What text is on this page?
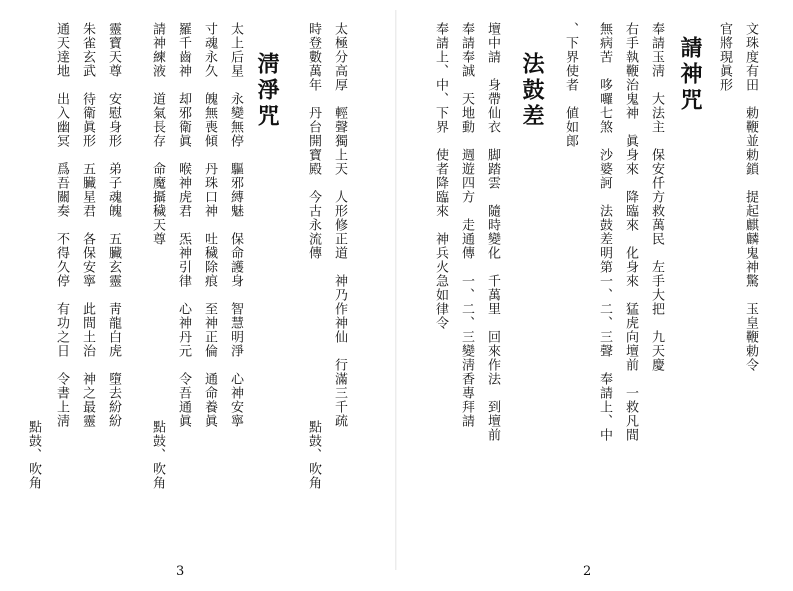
文珠度有田　勅鞭並勅鎖　提起麒麟鬼神驚　玉皇鞭勅令
官將現眞形
請神咒
奉請玉淸　大法主　保安仟方救萬民　左手大把　九天慶
右手執鞭治鬼神　眞身來　降臨來　化身來　猛虎向壇前　一救凡間
無病苦　哆囉七煞　沙婆訶　法鼓差明第一、二、三聲　奉請上、中
、下界使者　値如郎
法鼓差
壇中請　身帶仙衣　脚踏雲　隨時變化　千萬里　回來作法　到壇前
奉請奉誠　天地動　週遊四方　走通傳　一、二、三變淸香專拜請
奉請上、中、下界　使者降臨來　神兵火急如律令
2
太極分高厚　輕聲獨上天　人形修正道　神乃作神仙　行滿三千疏
時登數萬年　丹台開寶殿　今古永流傳
點鼓、吹角
淸淨咒
太上后星　永變無停　驅邪縛魅　保命護身　智慧明淨　心神安寧
寸魂永久　魄無喪傾　丹珠口神　吐穢除痕　至神正倫　通命養眞
羅千齒神　却邪衛眞　喉神虎君　炁神引律　心神丹元　令吾通眞
請神練液　道氣長存　命魔攝穢天尊
點鼓、吹角
靈寶天尊　安慰身形　弟子魂魄　五臟玄靈　靑龍白虎　墮去紛紛
朱雀玄武　待衛眞形　五臟星君　各保安寧　此間土治　神之最靈
通天達地　出入幽冥　爲吾關奏　不得久停　有功之日　令書上淸
點鼓、吹角
3
